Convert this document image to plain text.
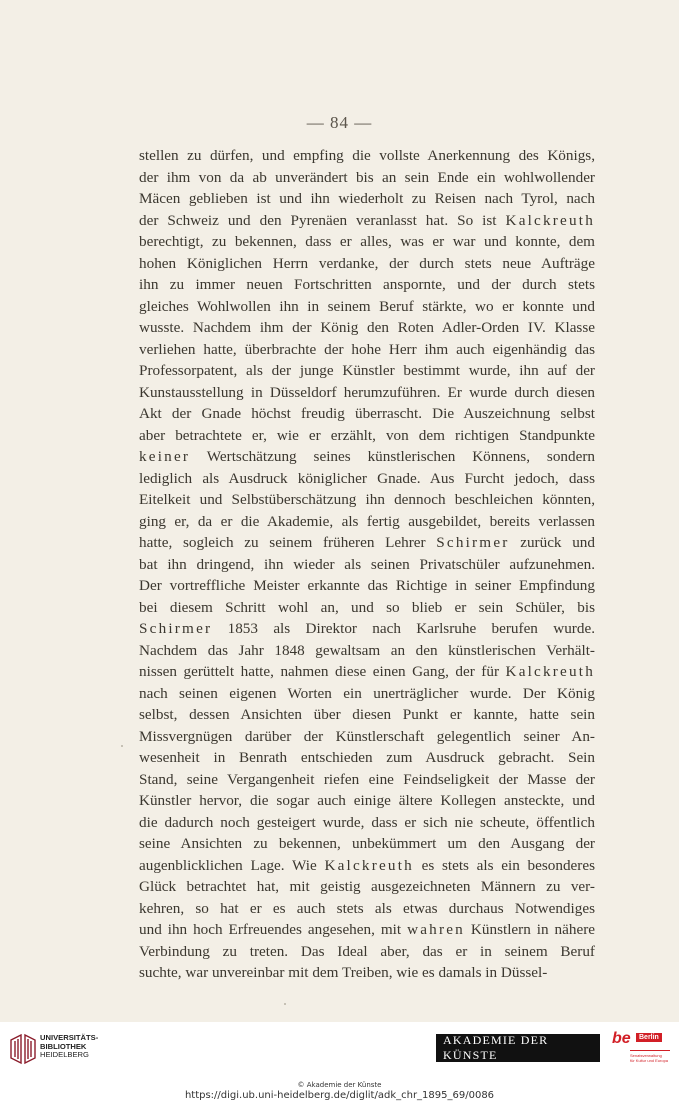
— 84 —
stellen zu dürfen, und empfing die vollste Anerkennung des Königs,
der ihm von da ab unverändert bis an sein Ende ein wohlwollender
Mäcen geblieben ist und ihn wiederholt zu Reisen nach Tyrol, nach
der Schweiz und den Pyrenäen veranlasst hat. So ist Kalckreuth
berechtigt, zu bekennen, dass er alles, was er war und konnte, dem
hohen Königlichen Herrn verdanke, der durch stets neue Aufträge
ihn zu immer neuen Fortschritten anspornte, und der durch stets
gleiches Wohlwollen ihn in seinem Beruf stärkte, wo er konnte und
wusste. Nachdem ihm der König den Roten Adler-Orden IV. Klasse
verliehen hatte, überbrachte der hohe Herr ihm auch eigenhändig das
Professorpatent, als der junge Künstler bestimmt wurde, ihn auf der
Kunstausstellung in Düsseldorf herumzuführen. Er wurde durch diesen
Akt der Gnade höchst freudig überrascht. Die Auszeichnung selbst
aber betrachtete er, wie er erzählt, von dem richtigen Standpunkte
keiner Wertschätzung seines künstlerischen Könnens, sondern
lediglich als Ausdruck königlicher Gnade. Aus Furcht jedoch, dass
Eitelkeit und Selbstüberschätzung ihn dennoch beschleichen könnten,
ging er, da er die Akademie, als fertig ausgebildet, bereits verlassen
hatte, sogleich zu seinem früheren Lehrer Schirmer zurück und
bat ihn dringend, ihn wieder als seinen Privatschüler aufzunehmen.
Der vortreffliche Meister erkannte das Richtige in seiner Empfindung
bei diesem Schritt wohl an, und so blieb er sein Schüler, bis
Schirmer 1853 als Direktor nach Karlsruhe berufen wurde.
Nachdem das Jahr 1848 gewaltsam an den künstlerischen Verhält-
nissen gerüttelt hatte, nahmen diese einen Gang, der für Kalckreuth
nach seinen eigenen Worten ein unerträglicher wurde. Der König
selbst, dessen Ansichten über diesen Punkt er kannte, hatte sein
Missvergnügen darüber der Künstlerschaft gelegentlich seiner An-
wesenheit in Benrath entschieden zum Ausdruck gebracht. Sein
Stand, seine Vergangenheit riefen eine Feindseligkeit der Masse der
Künstler hervor, die sogar auch einige ältere Kollegen ansteckte, und
die dadurch noch gesteigert wurde, dass er sich nie scheute, öffentlich
seine Ansichten zu bekennen, unbekümmert um den Ausgang der
augenblicklichen Lage. Wie Kalckreuth es stets als ein besonderes
Glück betrachtet hat, mit geistig ausgezeichneten Männern zu ver-
kehren, so hat er es auch stets als etwas durchaus Notwendiges
und ihn hoch Erfreuendes angesehen, mit wahren Künstlern in nähere
Verbindung zu treten. Das Ideal aber, das er in seinem Beruf
suchte, war unvereinbar mit dem Treiben, wie es damals in Düssel-
UNIVERSITÄTS-
BIBLIOTHEK
HEIDELBERG
AKADEMIE DER KÜNSTE
be	Berlin
Senatsverwaltung
für Kultur und Europa
© Akademie der Künste
https://digi.ub.uni-heidelberg.de/diglit/adk_chr_1895_69/0086
